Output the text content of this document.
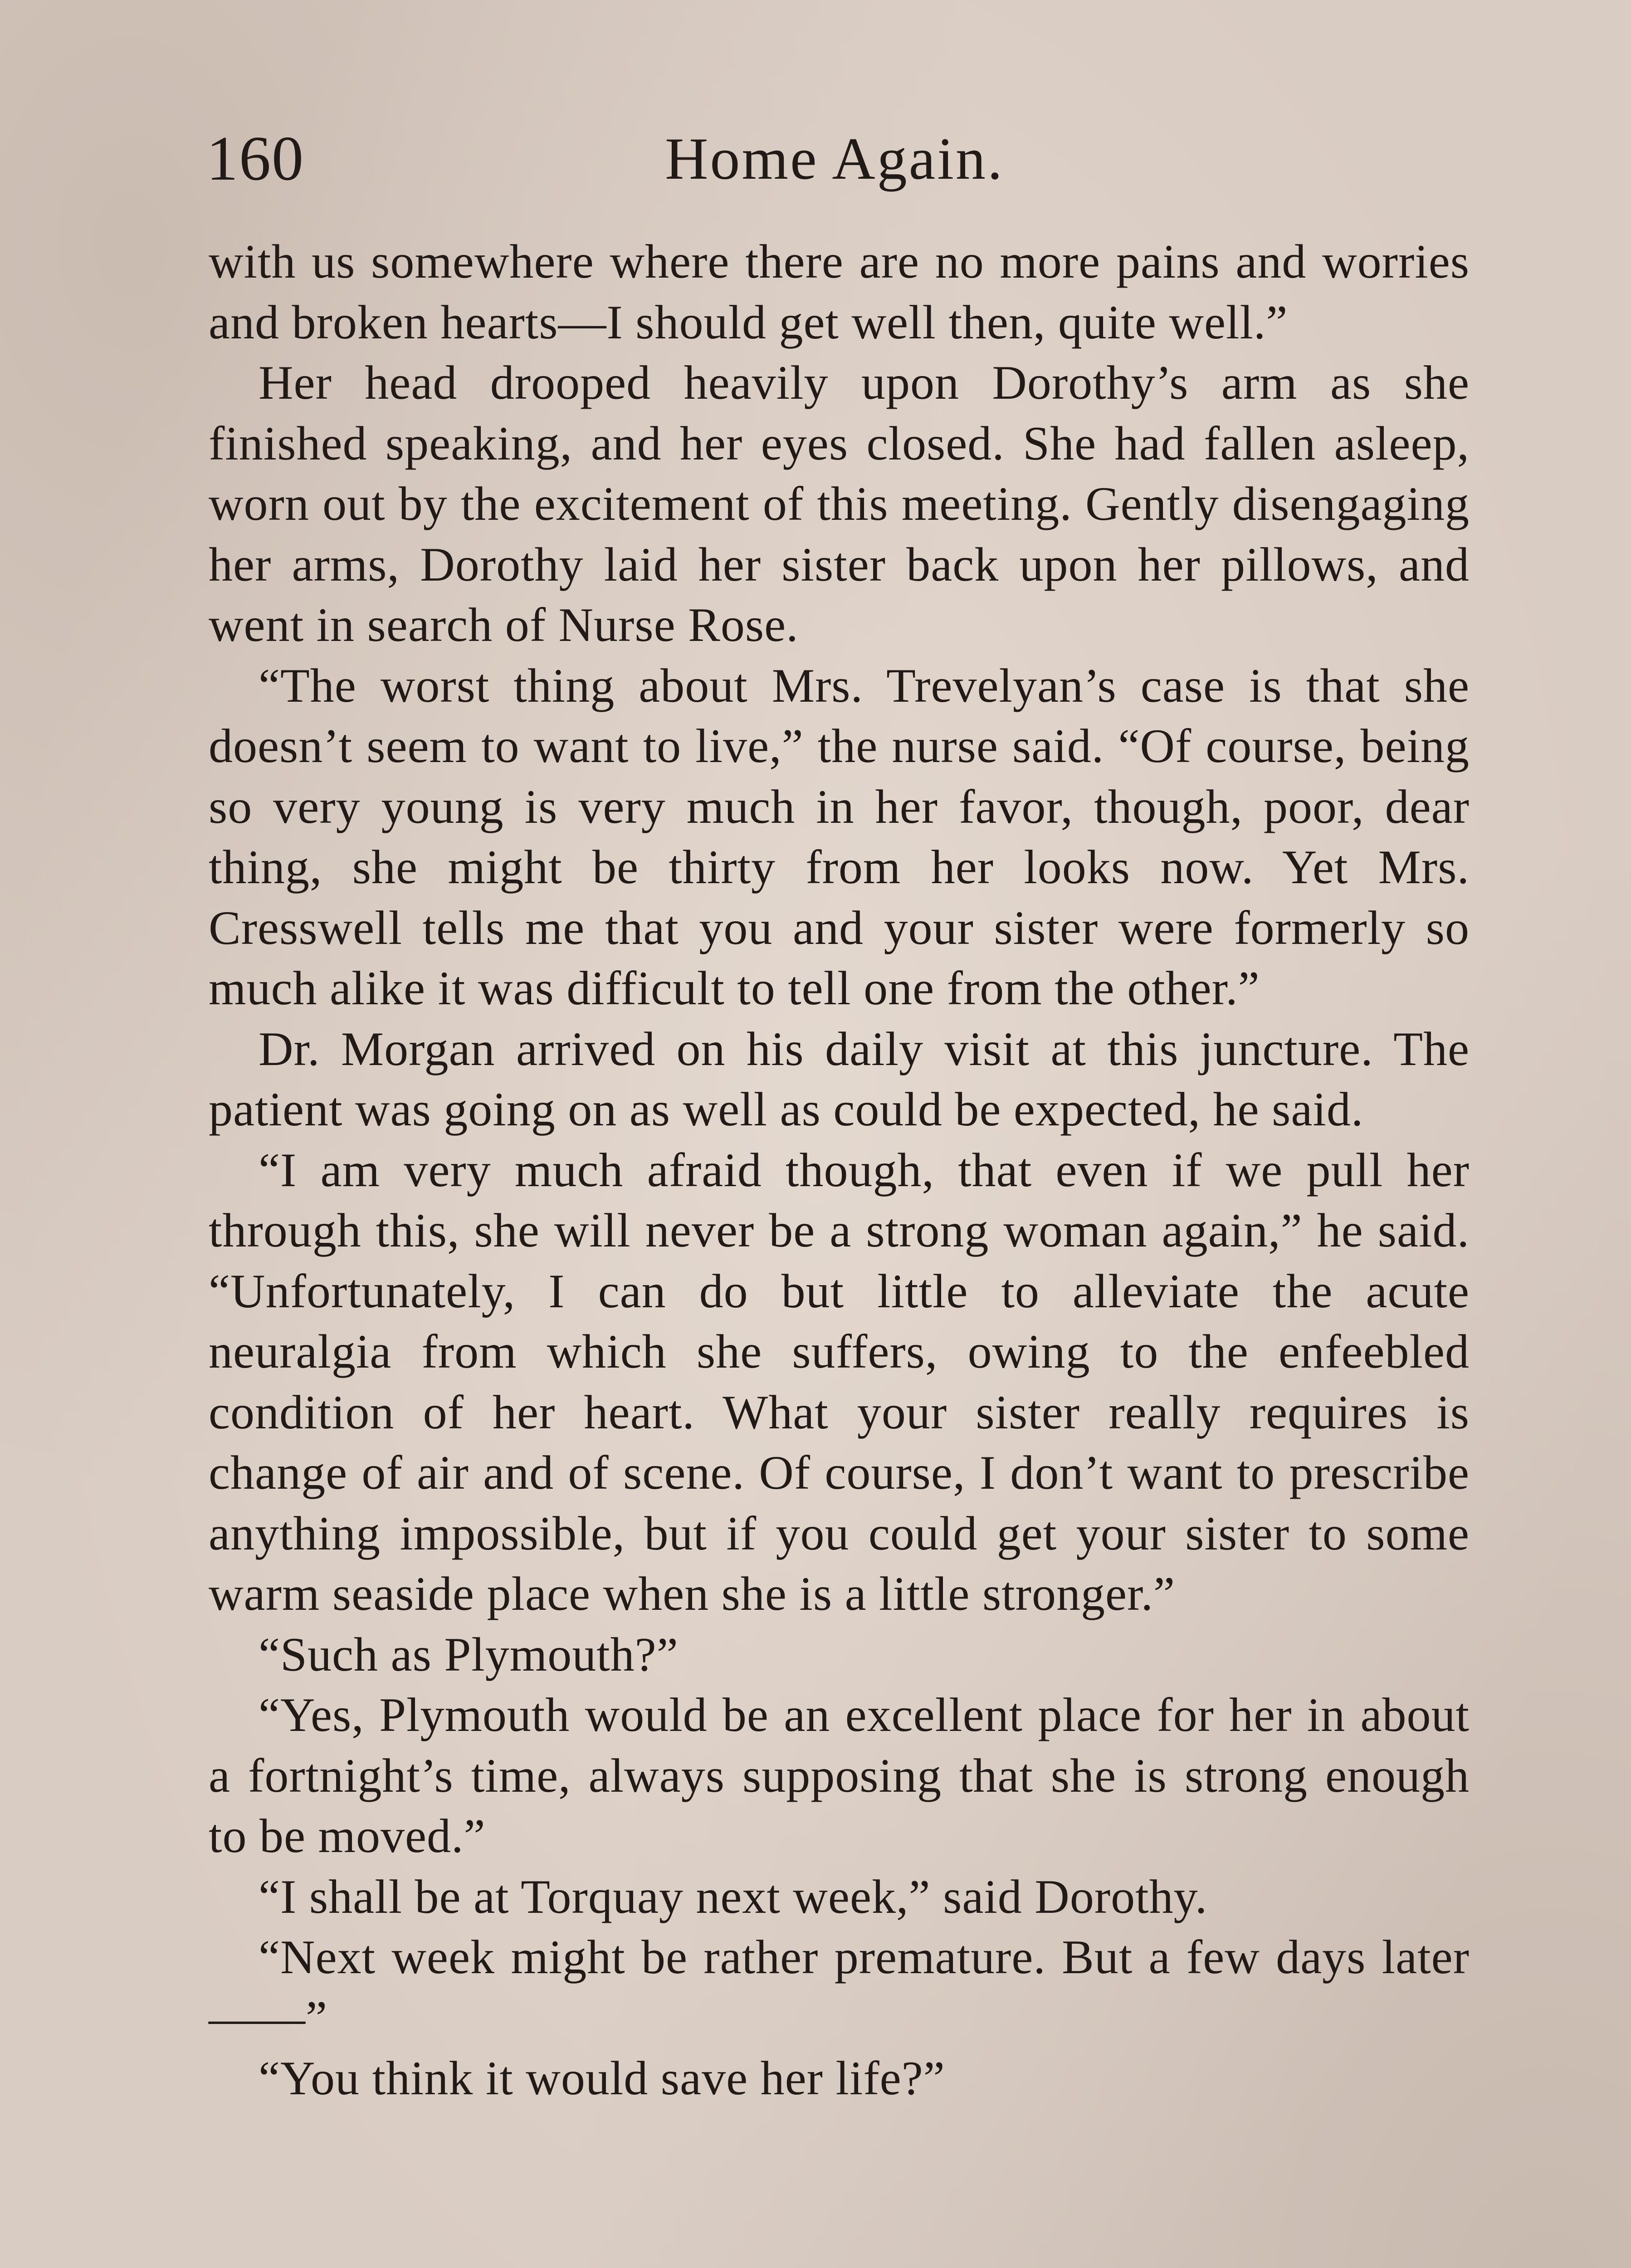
160	Home Again.

with us somewhere where there are no more pains and worries and broken hearts—I should get well then, quite well.”

Her head drooped heavily upon Dorothy’s arm as she finished speaking, and her eyes closed. She had fallen asleep, worn out by the excitement of this meeting. Gently disengaging her arms, Dorothy laid her sister back upon her pillows, and went in search of Nurse Rose.

“The worst thing about Mrs. Trevelyan’s case is that she doesn’t seem to want to live,” the nurse said. “Of course, being so very young is very much in her favor, though, poor, dear thing, she might be thirty from her looks now. Yet Mrs. Cresswell tells me that you and your sister were formerly so much alike it was difficult to tell one from the other.”

Dr. Morgan arrived on his daily visit at this juncture. The patient was going on as well as could be expected, he said.

“I am very much afraid though, that even if we pull her through this, she will never be a strong woman again,” he said. “Unfortunately, I can do but little to alleviate the acute neuralgia from which she suffers, owing to the enfeebled condition of her heart. What your sister really requires is change of air and of scene. Of course, I don’t want to prescribe anything impossible, but if you could get your sister to some warm seaside place when she is a little stronger.”

“Such as Plymouth?”

“Yes, Plymouth would be an excellent place for her in about a fortnight’s time, always supposing that she is strong enough to be moved.”

“I shall be at Torquay next week,” said Dorothy.

“Next week might be rather premature. But a few days later——”

“You think it would save her life?”
